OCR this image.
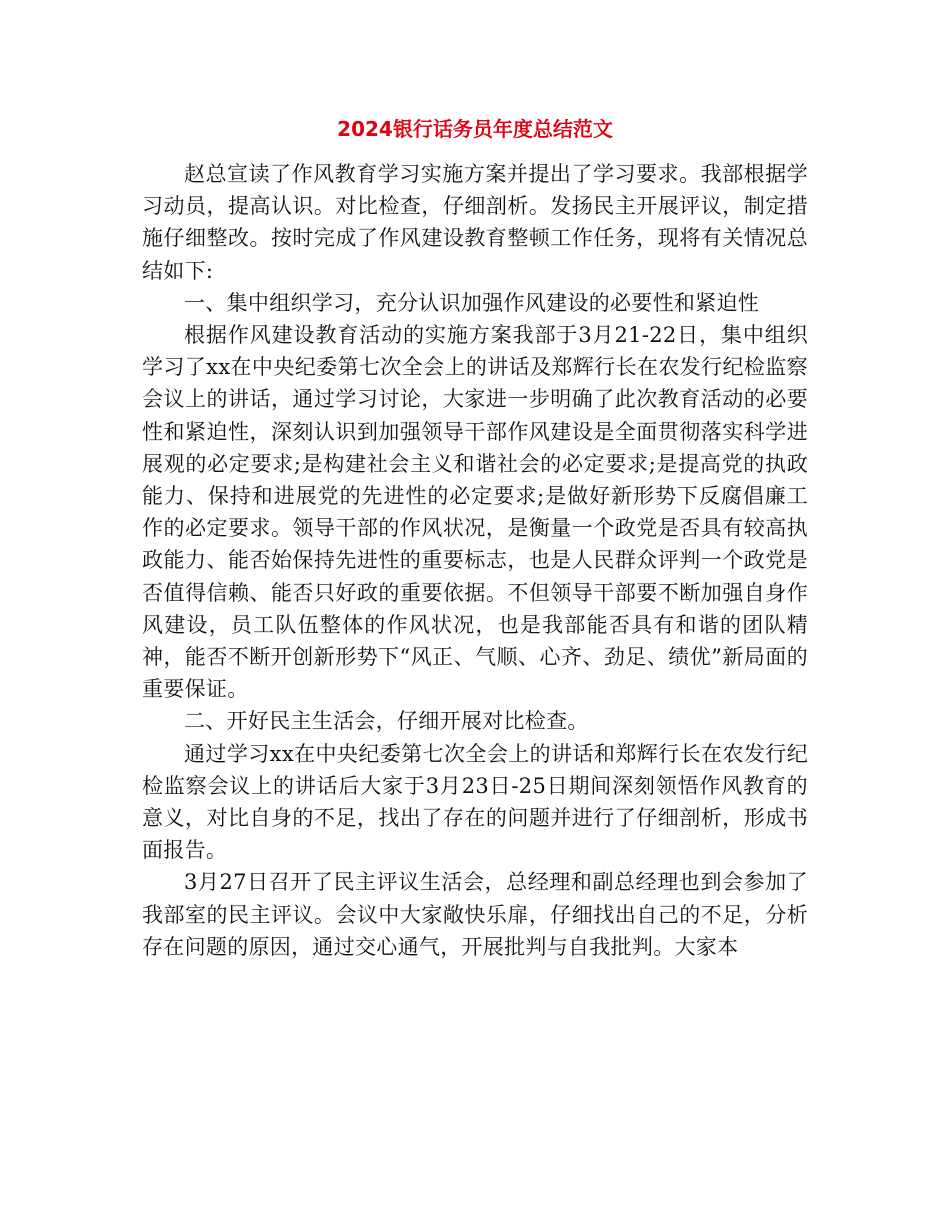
2024银行话务员年度总结范文

赵总宣读了作风教育学习实施方案并提出了学习要求。我部根据学习动员，提高认识。对比检查，仔细剖析。发扬民主开展评议，制定措施仔细整改。按时完成了作风建设教育整顿工作任务，现将有关情况总结如下:

一、集中组织学习，充分认识加强作风建设的必要性和紧迫性

根据作风建设教育活动的实施方案我部于3月21-22日，集中组织学习了xx在中央纪委第七次全会上的讲话及郑辉行长在农发行纪检监察会议上的讲话，通过学习讨论，大家进一步明确了此次教育活动的必要性和紧迫性，深刻认识到加强领导干部作风建设是全面贯彻落实科学进展观的必定要求;是构建社会主义和谐社会的必定要求;是提高党的执政能力、保持和进展党的先进性的必定要求;是做好新形势下反腐倡廉工作的必定要求。领导干部的作风状况，是衡量一个政党是否具有较高执政能力、能否始保持先进性的重要标志，也是人民群众评判一个政党是否值得信赖、能否只好政的重要依据。不但领导干部要不断加强自身作风建设，员工队伍整体的作风状况，也是我部能否具有和谐的团队精神，能否不断开创新形势下“风正、气顺、心齐、劲足、绩优”新局面的重要保证。

二、开好民主生活会，仔细开展对比检查。

通过学习xx在中央纪委第七次全会上的讲话和郑辉行长在农发行纪检监察会议上的讲话后大家于3月23日-25日期间深刻领悟作风教育的意义，对比自身的不足，找出了存在的问题并进行了仔细剖析，形成书面报告。

3月27日召开了民主评议生活会，总经理和副总经理也到会参加了我部室的民主评议。会议中大家敞快乐扉，仔细找出自己的不足，分析存在问题的原因，通过交心通气，开展批判与自我批判。大家本
